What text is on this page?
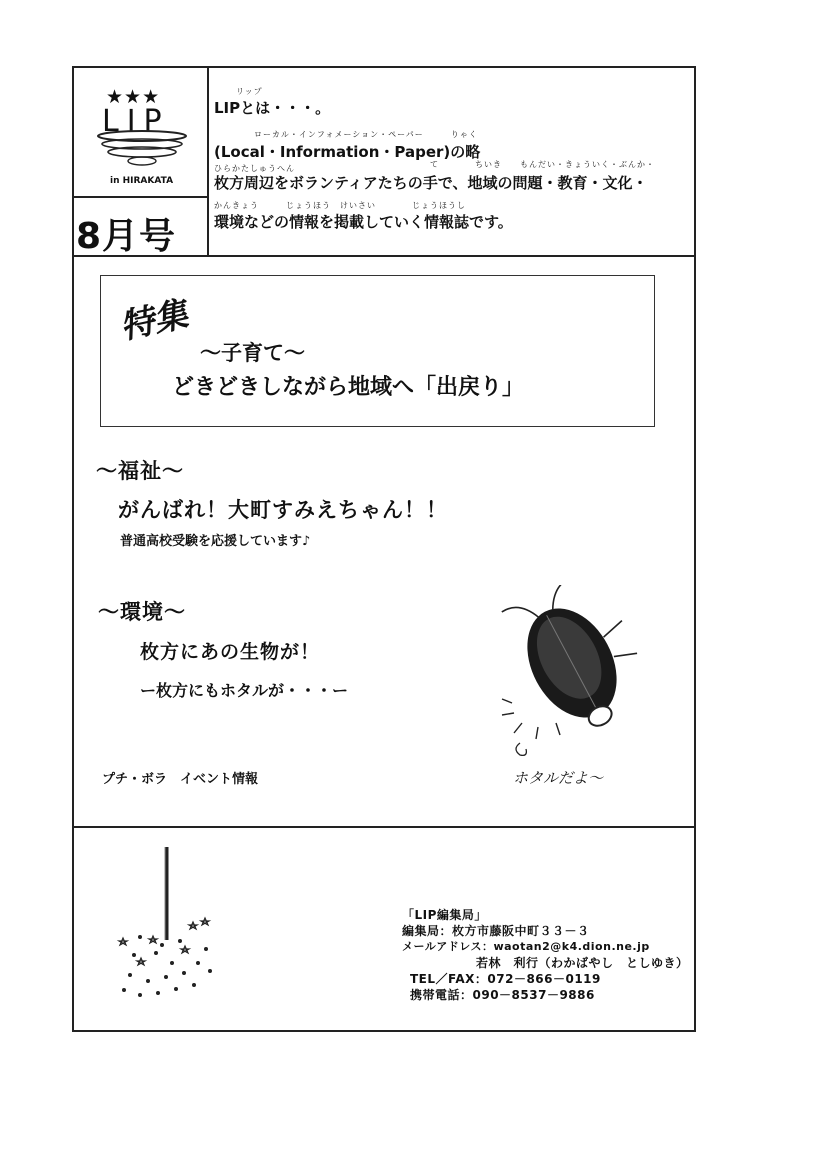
★★★
LIP
in HIRAKATA
8月号
リップ
LIPとは・・・。
ローカル・インフォメーション・ペーパー　　　りゃく
(Local・Information・Paper)の略
ひらかたしゅうへん	て　　　　ちいき　　もんだい・きょういく・ぶんか・
枚方周辺をボランティアたちの手で、地域の問題・教育・文化・
かんきょう　　　じょうほう　けいさい　　　　じょうほうし
環境などの情報を掲載していく情報誌です。
特集
～子育て～
どきどきしながら地域へ「出戻り」
～福祉～
がんばれ！大町すみえちゃん！！
普通高校受験を応援しています♪
～環境～
枚方にあの生物が！
ー枚方にもホタルが・・・ー
ホタルだよ～
プチ・ボラ　イベント情報
「LIP編集局」
編集局：枚方市藤阪中町３３－３
メールアドレス：waotan2@k4.dion.ne.jp
若林　利行（わかばやし　としゆき）
TEL／FAX：072－866－0119
携帯電話：090－8537－9886
